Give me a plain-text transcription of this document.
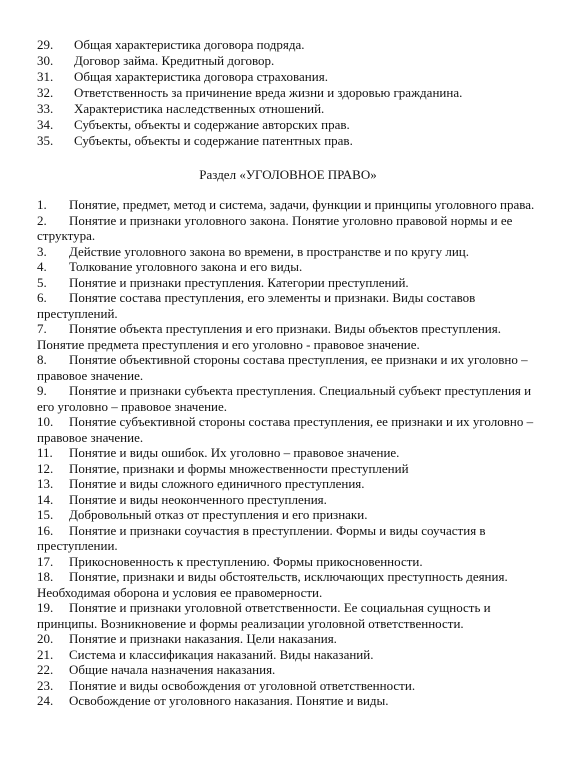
29.	Общая характеристика договора подряда.
30.	Договор займа. Кредитный договор.
31.	Общая характеристика договора страхования.
32.	Ответственность за причинение вреда жизни и здоровью гражданина.
33.	Характеристика наследственных отношений.
34.	Субъекты, объекты и содержание авторских прав.
35.	Субъекты, объекты и содержание патентных прав.
Раздел «УГОЛОВНОЕ ПРАВО»
1. Понятие, предмет, метод и система, задачи, функции и принципы уголовного права.
2. Понятие и признаки уголовного закона. Понятие уголовно правовой нормы и ее структура.
3. Действие уголовного закона во времени, в пространстве и по кругу лиц.
4. Толкование уголовного закона и его виды.
5. Понятие и признаки преступления. Категории преступлений.
6. Понятие состава преступления, его элементы и признаки. Виды составов преступлений.
7. Понятие объекта преступления и его признаки. Виды объектов преступления. Понятие предмета преступления и его уголовно - правовое значение.
8. Понятие объективной стороны состава преступления, ее признаки и их уголовно – правовое значение.
9. Понятие и признаки субъекта преступления. Специальный субъект преступления и его уголовно – правовое значение.
10. Понятие субъективной стороны состава преступления, ее признаки и их уголовно – правовое значение.
11. Понятие и виды ошибок. Их уголовно – правовое значение.
12. Понятие, признаки и формы множественности преступлений
13. Понятие и виды сложного единичного преступления.
14. Понятие и виды неоконченного преступления.
15. Добровольный отказ от преступления и его признаки.
16. Понятие и признаки соучастия в преступлении. Формы и виды соучастия в преступлении.
17. Прикосновенность к преступлению. Формы прикосновенности.
18. Понятие, признаки и виды обстоятельств, исключающих преступность деяния. Необходимая оборона и условия ее правомерности.
19. Понятие и признаки уголовной ответственности. Ее социальная сущность и принципы. Возникновение и формы реализации уголовной ответственности.
20. Понятие и признаки наказания. Цели наказания.
21. Система и классификация наказаний. Виды наказаний.
22. Общие начала назначения наказания.
23. Понятие и виды освобождения от уголовной ответственности.
24. Освобождение от уголовного наказания. Понятие и виды.
